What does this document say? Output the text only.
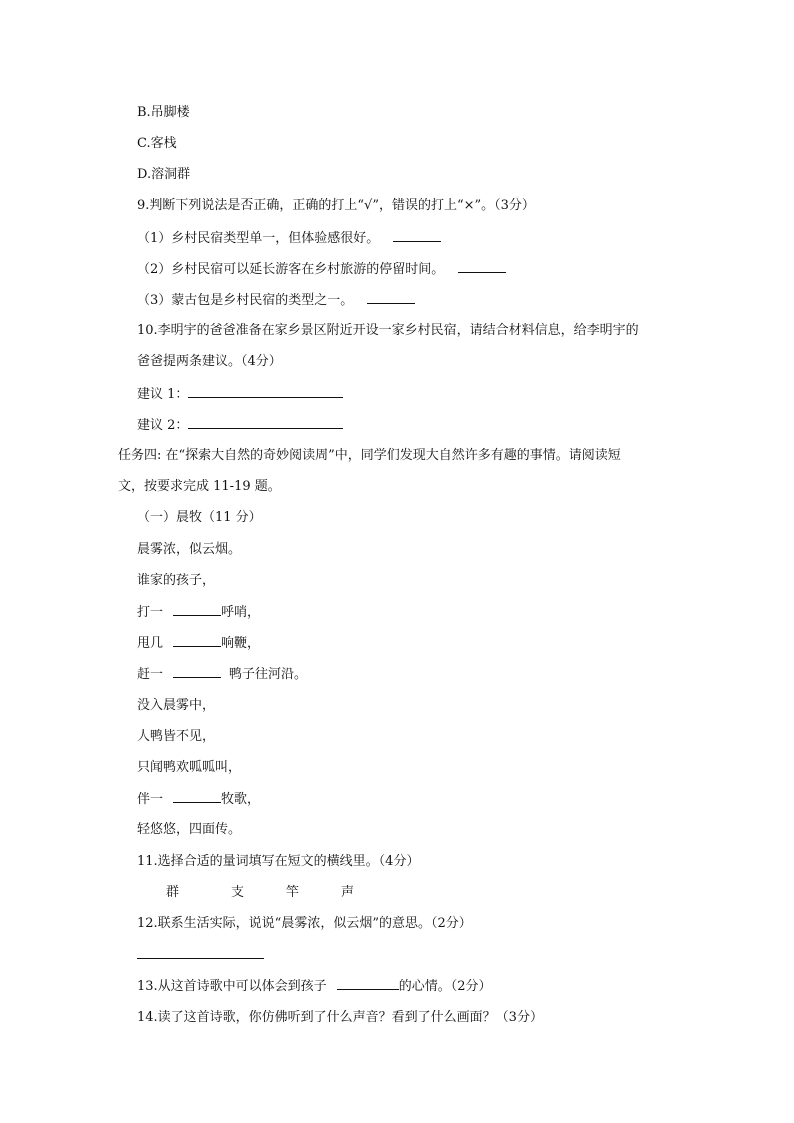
B.吊脚楼
C.客栈
D.溶洞群
9.判断下列说法是否正确，正确的打上“√”，错误的打上“×”。（3分）
（1）乡村民宿类型单一，但体验感很好。
（2）乡村民宿可以延长游客在乡村旅游的停留时间。
（3）蒙古包是乡村民宿的类型之一。
10.李明宇的爸爸准备在家乡景区附近开设一家乡村民宿，请结合材料信息，给李明宇的
爸爸提两条建议。（4分）
建议 1：
建议 2：
任务四: 在“探索大自然的奇妙阅读周”中，同学们发现大自然许多有趣的事情。请阅读短
文，按要求完成 11-19 题。
（一）晨牧（11 分）
晨雾浓，似云烟。
谁家的孩子，
打一	呼哨，
甩几	响鞭，
赶一	鸭子往河沿。
没入晨雾中，
人鸭皆不见，
只闻鸭欢呱呱叫，
伴一	牧歌，
轻悠悠，四面传。
11.选择合适的量词填写在短文的横线里。（4分）
群	支	竿	声
12.联系生活实际，说说“晨雾浓，似云烟”的意思。（2分）
13.从这首诗歌中可以体会到孩子	的心情。（2分）
14.读了这首诗歌，你仿佛听到了什么声音？看到了什么画面？（3分）
